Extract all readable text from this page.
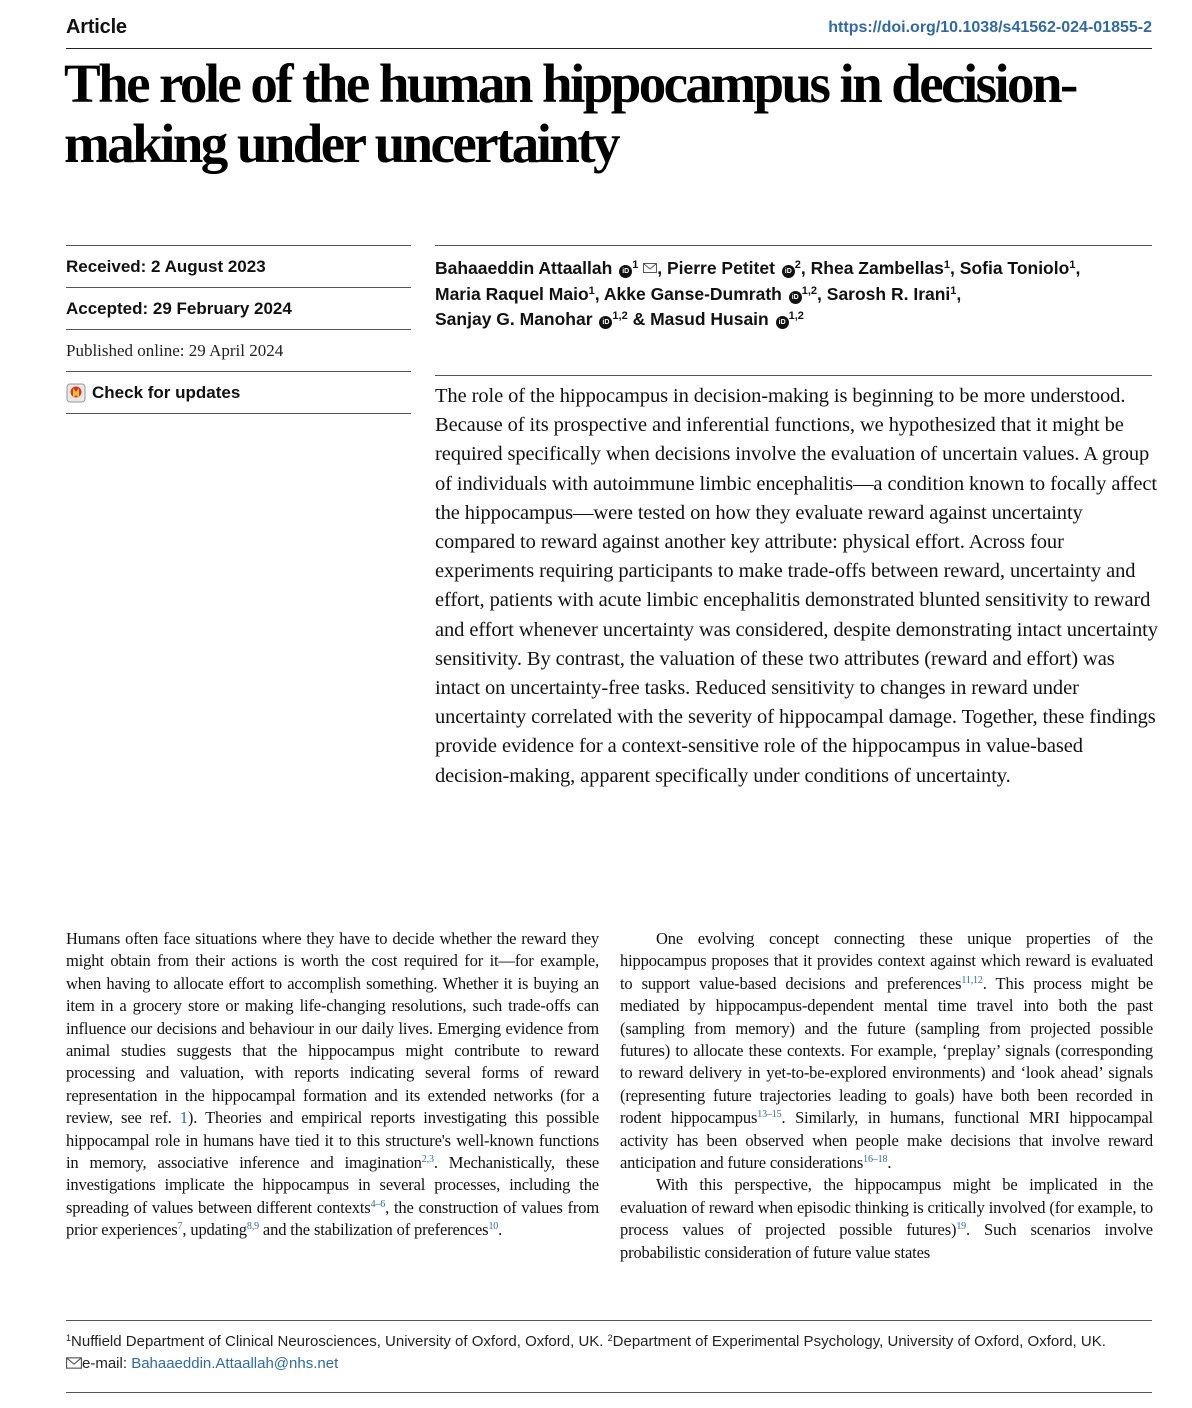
Article	https://doi.org/10.1038/s41562-024-01855-2
The role of the human hippocampus in decision-making under uncertainty
Received: 2 August 2023
Accepted: 29 February 2024
Published online: 29 April 2024
Check for updates
Bahaaeddin Attaallah $iD^1$ , Pierre Petitet $iD^2$, Rhea Zambellas$^1$, Sofia Toniolo$^1$,
Maria Raquel Maio$^1$, Akke Ganse-Dumrath iD$^{1,2}$, Sarosh R. Irani$^1$,
Sanjay G. Manohar iD$^{1,2}$ & Masud Husain iD$^{1,2}$

The role of the hippocampus in decision-making is beginning to be more understood. Because of its prospective and inferential functions, we hypothesized that it might be required specifically when decisions involve the evaluation of uncertain values. A group of individuals with autoimmune limbic encephalitis—a condition known to focally affect the hippocampus—were tested on how they evaluate reward against uncertainty compared to reward against another key attribute: physical effort. Across four experiments requiring participants to make trade-offs between reward, uncertainty and effort, patients with acute limbic encephalitis demonstrated blunted sensitivity to reward and effort whenever uncertainty was considered, despite demonstrating intact uncertainty sensitivity. By contrast, the valuation of these two attributes (reward and effort) was intact on uncertainty-free tasks. Reduced sensitivity to changes in reward under uncertainty correlated with the severity of hippocampal damage. Together, these findings provide evidence for a context-sensitive role of the hippocampus in value-based decision-making, apparent specifically under conditions of uncertainty.

Humans often face situations where they have to decide whether the reward they might obtain from their actions is worth the cost required for it—for example, when having to allocate effort to accomplish something. Whether it is buying an item in a grocery store or making life-changing resolutions, such trade-offs can influence our decisions and behaviour in our daily lives. Emerging evidence from animal studies suggests that the hippocampus might contribute to reward processing and valuation, with reports indicating several forms of reward representation in the hippocampal formation and its extended networks (for a review, see ref. 1). Theories and empirical reports investigating this possible hippocampal role in humans have tied it to this structure's well-known functions in memory, associative inference and imagination$^{2,3}$. Mechanistically, these investigations implicate the hippocampus in several processes, including the spreading of values between different contexts$^{4-6}$, the construction of values from prior experiences$^7$, updating$^{8,9}$ and the stabilization of preferences$^{10}$.

One evolving concept connecting these unique properties of the hippocampus proposes that it provides context against which reward is evaluated to support value-based decisions and preferences$^{11,12}$. This process might be mediated by hippocampus-dependent mental time travel into both the past (sampling from memory) and the future (sampling from projected possible futures) to allocate these contexts. For example, ‘preplay’ signals (corresponding to reward delivery in yet-to-be-explored environments) and ‘look ahead’ signals (representing future trajectories leading to goals) have both been recorded in rodent hippocampus$^{13-15}$. Similarly, in humans, functional MRI hippocampal activity has been observed when people make decisions that involve reward anticipation and future considerations$^{16-18}$.

With this perspective, the hippocampus might be implicated in the evaluation of reward when episodic thinking is critically involved (for example, to process values of projected possible futures)$^{19}$. Such scenarios involve probabilistic consideration of future value states

$^1$Nuffield Department of Clinical Neurosciences, University of Oxford, Oxford, UK. $^2$Department of Experimental Psychology, University of Oxford, Oxford, UK.
e-mail: Bahaaeddin.Attaallah@nhs.net
